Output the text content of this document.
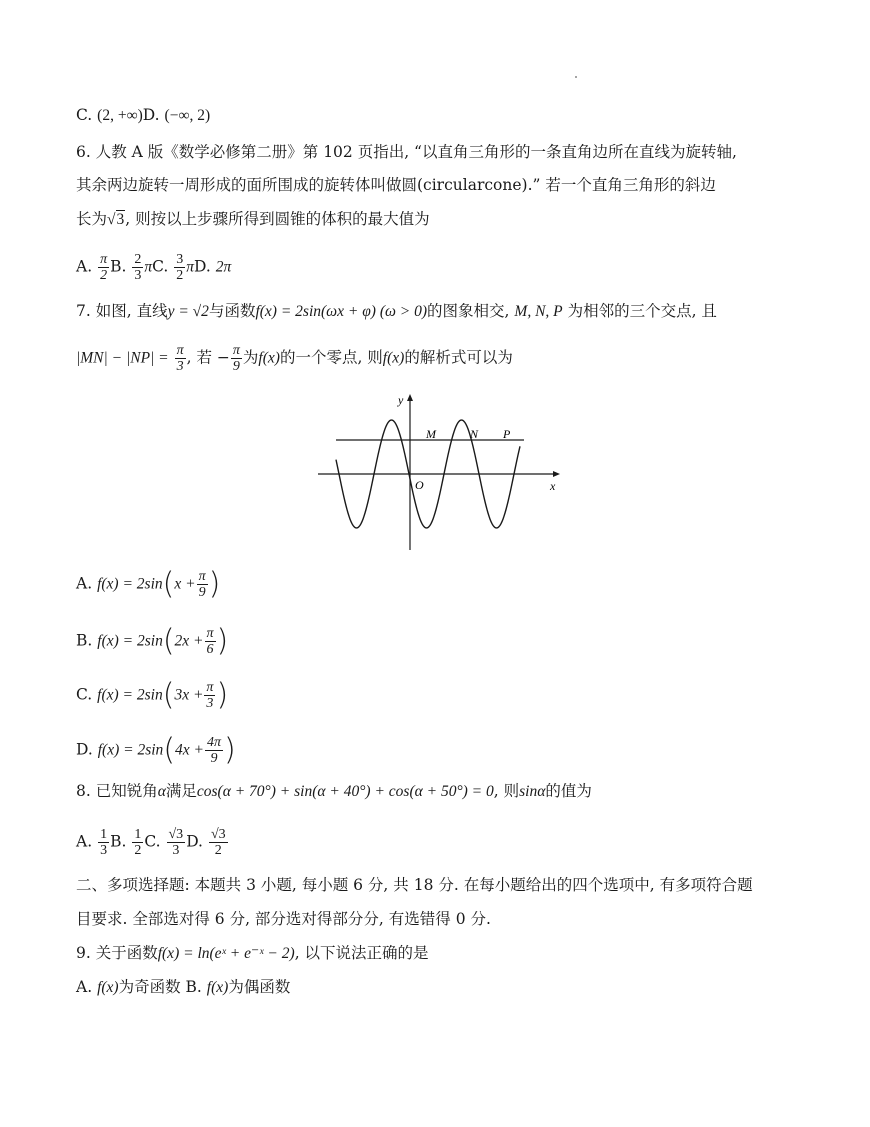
C. (2, +∞)D. (−∞, 2)
6. 人教 A 版《数学必修第二册》第 102 页指出, “以直角三角形的一条直角边所在直线为旋转轴,
其余两边旋转一周形成的面所围成的旋转体叫做圆(circularcone).” 若一个直角三角形的斜边
长为√3, 则按以上步骤所得到圆锥的体积的最大值为
A. $\frac{\pi}{2} B$. $\frac{2}{3} \pi C$. $\frac{3}{2} \pi D$. 2π
7. 如图, 直线y = √2与函数f(x) = 2sin(ωx + φ) (ω > 0)的图象相交, M, N, P 为相邻的三个交点, 且
$|MN| - |NP| = \frac{\pi}{3}$ , 若 − $\frac{\pi}{9}$ 为f(x)的一个零点, 则f(x)的解析式可以为
y
x
O
M	N P
A. $f(x) = 2\sin(x + \frac{\pi}{9}$ )
B. $f(x) = 2\sin(2x + \frac{\pi}{6}$ )
C. $f(x) = 2\sin(3x + \frac{\pi}{3}$ )
D. $f(x) = 2\sin(4x + \frac{4\pi}{9}$ )
8. 已知锐角α满足cos(α + 70°) + sin(α + 40°) + cos(α + 50°) = 0, 则sinα的值为
A. $\frac{1}{3} B$. $\frac{1}{2} C$. $\frac{√3}{3} D$. $\frac{√3}{2}$
二、多项选择题: 本题共 3 小题, 每小题 6 分, 共 18 分. 在每小题给出的四个选项中, 有多项符合题
目要求. 全部选对得 6 分, 部分选对得部分分, 有选错得 0 分.
9. 关于函数f(x) = ln(eˣ + e⁻ˣ − 2), 以下说法正确的是
A. f(x)为奇函数 B. f(x)为偶函数
